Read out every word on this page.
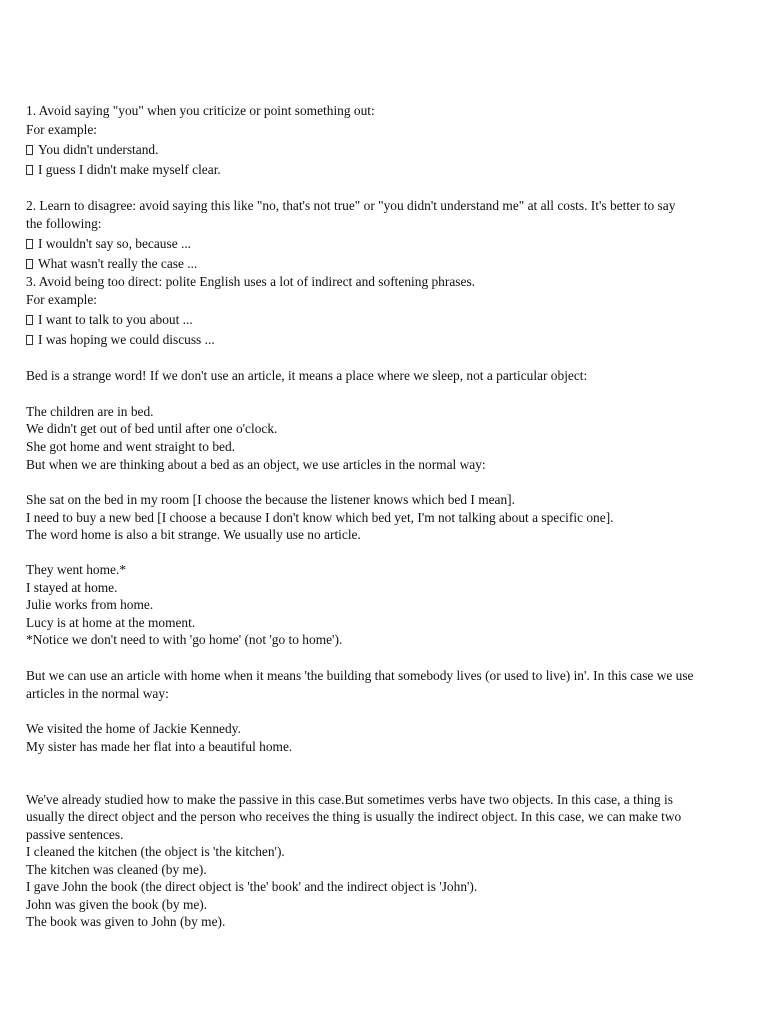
1. Avoid saying "you" when you criticize or point something out:
For example:
You didn't understand.
I guess I didn't make myself clear.
2. Learn to disagree: avoid saying this like "no, that's not true" or "you didn't understand me" at all costs. It's better to say
the following:
I wouldn't say so, because ...
What wasn't really the case ...
3. Avoid being too direct: polite English uses a lot of indirect and softening phrases.
For example:
I want to talk to you about ...
I was hoping we could discuss ...
Bed is a strange word! If we don't use an article, it means a place where we sleep, not a particular object:
The children are in bed.
We didn't get out of bed until after one o'clock.
She got home and went straight to bed.
But when we are thinking about a bed as an object, we use articles in the normal way:
She sat on the bed in my room [I choose the because the listener knows which bed I mean].
I need to buy a new bed [I choose a because I don't know which bed yet, I'm not talking about a specific one].
The word home is also a bit strange. We usually use no article.
They went home.*
I stayed at home.
Julie works from home.
Lucy is at home at the moment.
*Notice we don't need to with 'go home' (not 'go to home').
But we can use an article with home when it means 'the building that somebody lives (or used to live) in'. In this case we use
articles in the normal way:
We visited the home of Jackie Kennedy.
My sister has made her flat into a beautiful home.
We've already studied how to make the passive in this case.But sometimes verbs have two objects. In this case, a thing is
usually the direct object and the person who receives the thing is usually the indirect object. In this case, we can make two
passive sentences.
I cleaned the kitchen (the object is 'the kitchen').
The kitchen was cleaned (by me).
I gave John the book (the direct object is 'the' book' and the indirect object is 'John').
John was given the book (by me).
The book was given to John (by me).
